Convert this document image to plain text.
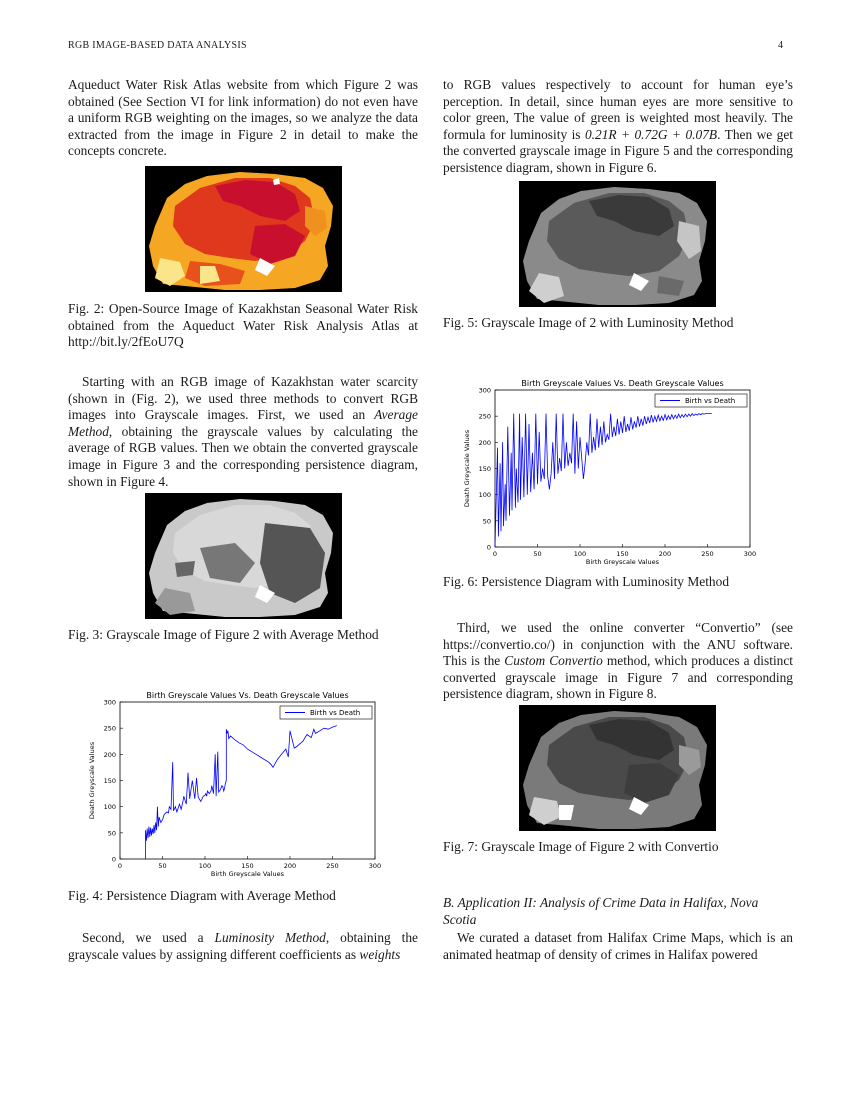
RGB IMAGE-BASED DATA ANALYSIS	4

Aqueduct Water Risk Atlas website from which Figure 2 was obtained (See Section VI for link information) do not even have a uniform RGB weighting on the images, so we analyze the data extracted from the image in Figure 2 in detail to make the concepts concrete.

Fig. 2: Open-Source Image of Kazakhstan Seasonal Water Risk obtained from the Aqueduct Water Risk Analysis Atlas at http://bit.ly/2fEoU7Q

Starting with an RGB image of Kazakhstan water scarcity (shown in (Fig. 2), we used three methods to convert RGB images into Grayscale images. First, we used an Average Method, obtaining the grayscale values by calculating the average of RGB values. Then we obtain the converted grayscale image in Figure 3 and the corresponding persistence diagram, shown in Figure 4.

Fig. 3: Grayscale Image of Figure 2 with Average Method

Birth Greyscale Values Vs. Death Greyscale Values
0	50	100	150	200	250	300
0
50
100
150
200
250
300
Birth Greyscale Values
Death Greyscale Values
Birth vs Death

Fig. 4: Persistence Diagram with Average Method

Second, we used a Luminosity Method, obtaining the grayscale values by assigning different coefficients as weights

to RGB values respectively to account for human eye’s perception. In detail, since human eyes are more sensitive to color green, The value of green is weighted most heavily. The formula for luminosity is 0.21R + 0.72G + 0.07B. Then we get the converted grayscale image in Figure 5 and the corresponding persistence diagram, shown in Figure 6.

Fig. 5: Grayscale Image of 2 with Luminosity Method

Birth Greyscale Values Vs. Death Greyscale Values
0	50	100	150	200	250	300
0
50
100
150
200
250
300
Birth Greyscale Values
Death Greyscale Values
Birth vs Death

Fig. 6: Persistence Diagram with Luminosity Method

Third, we used the online converter “Convertio” (see https://convertio.co/) in conjunction with the ANU software. This is the Custom Convertio method, which produces a distinct converted grayscale image in Figure 7 and corresponding persistence diagram, shown in Figure 8.

Fig. 7: Grayscale Image of Figure 2 with Convertio

B. Application II: Analysis of Crime Data in Halifax, Nova Scotia

We curated a dataset from Halifax Crime Maps, which is an animated heatmap of density of crimes in Halifax powered
